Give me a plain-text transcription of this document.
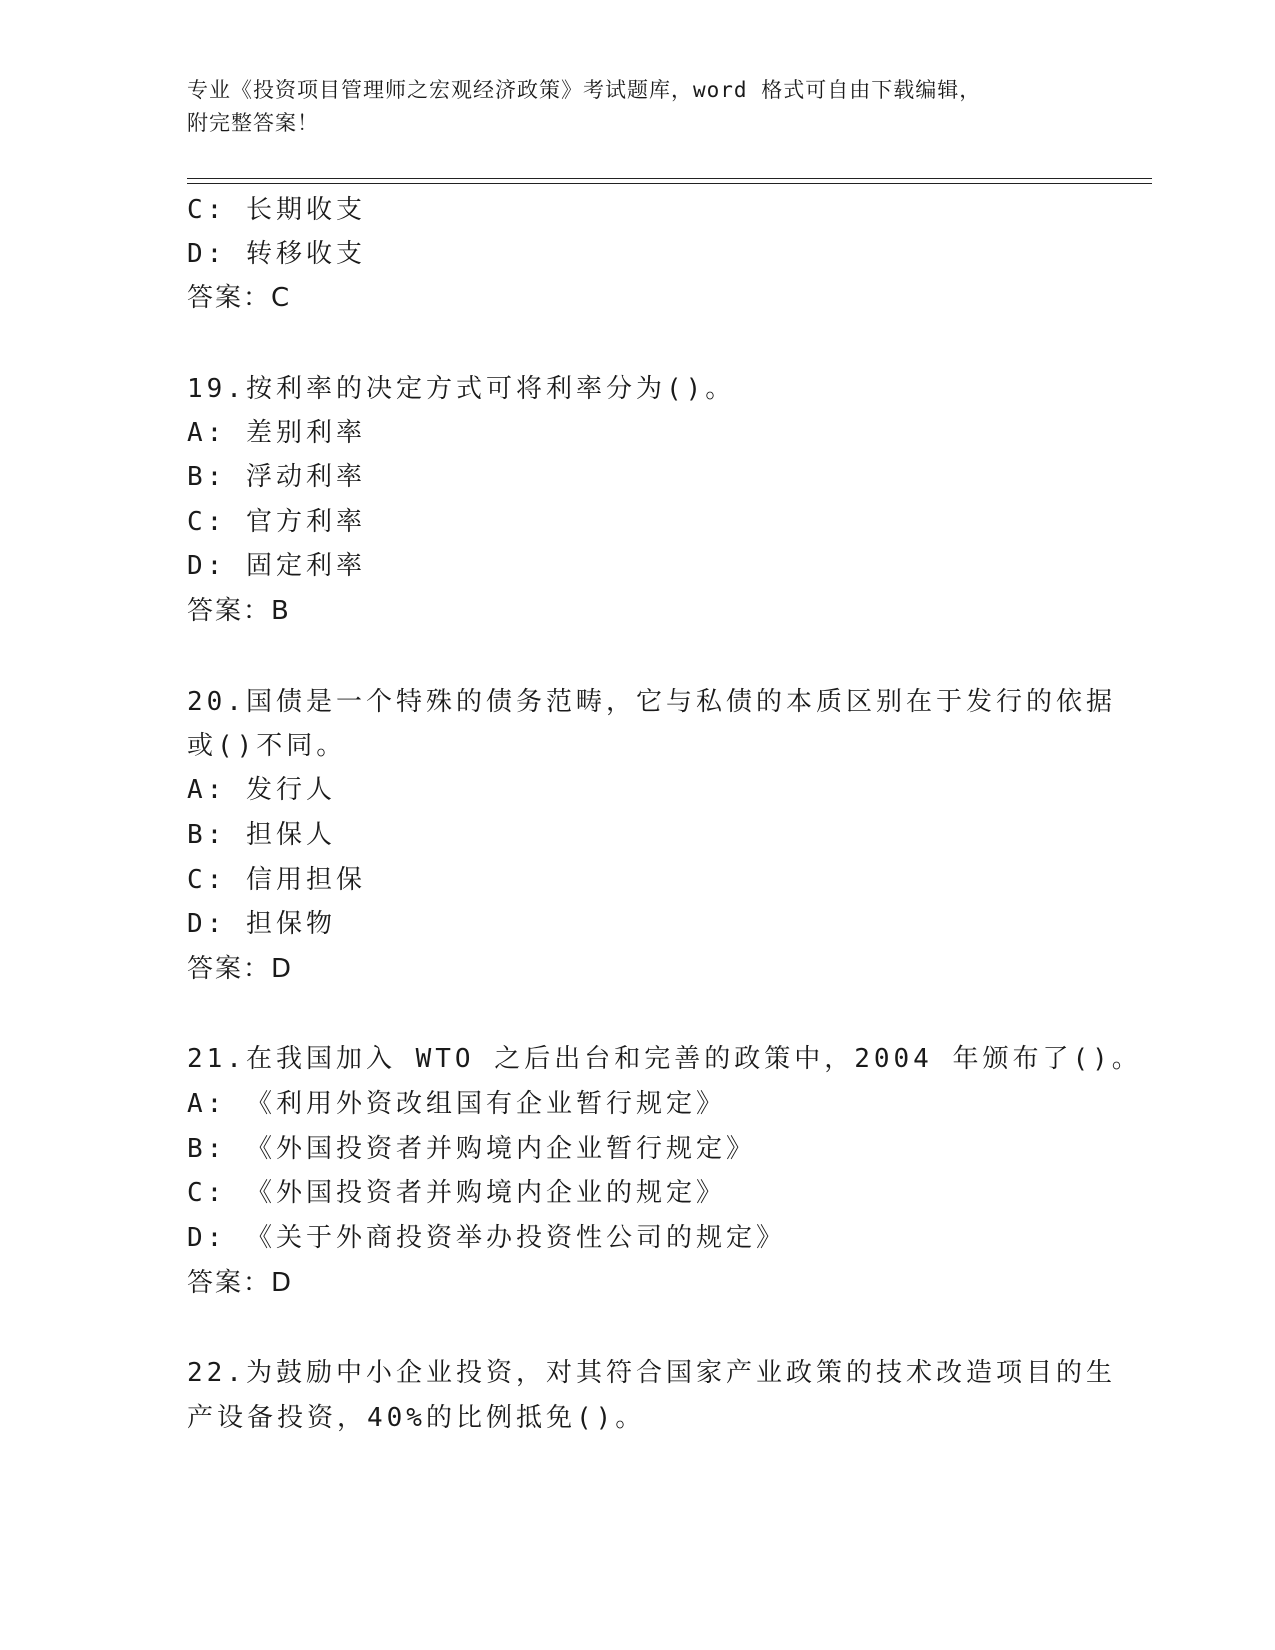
专业《投资项目管理师之宏观经济政策》考试题库，word 格式可自由下载编辑，
附完整答案！
C: 长期收支
D: 转移收支
答案：C
19.按利率的决定方式可将利率分为()。
A: 差别利率
B: 浮动利率
C: 官方利率
D: 固定利率
答案：B
20.国债是一个特殊的债务范畴，它与私债的本质区别在于发行的依据
或()不同。
A: 发行人
B: 担保人
C: 信用担保
D: 担保物
答案：D
21.在我国加入 WTO 之后出台和完善的政策中，2004 年颁布了()。
A: 《利用外资改组国有企业暂行规定》
B: 《外国投资者并购境内企业暂行规定》
C: 《外国投资者并购境内企业的规定》
D: 《关于外商投资举办投资性公司的规定》
答案：D
22.为鼓励中小企业投资，对其符合国家产业政策的技术改造项目的生
产设备投资，40%的比例抵免()。
